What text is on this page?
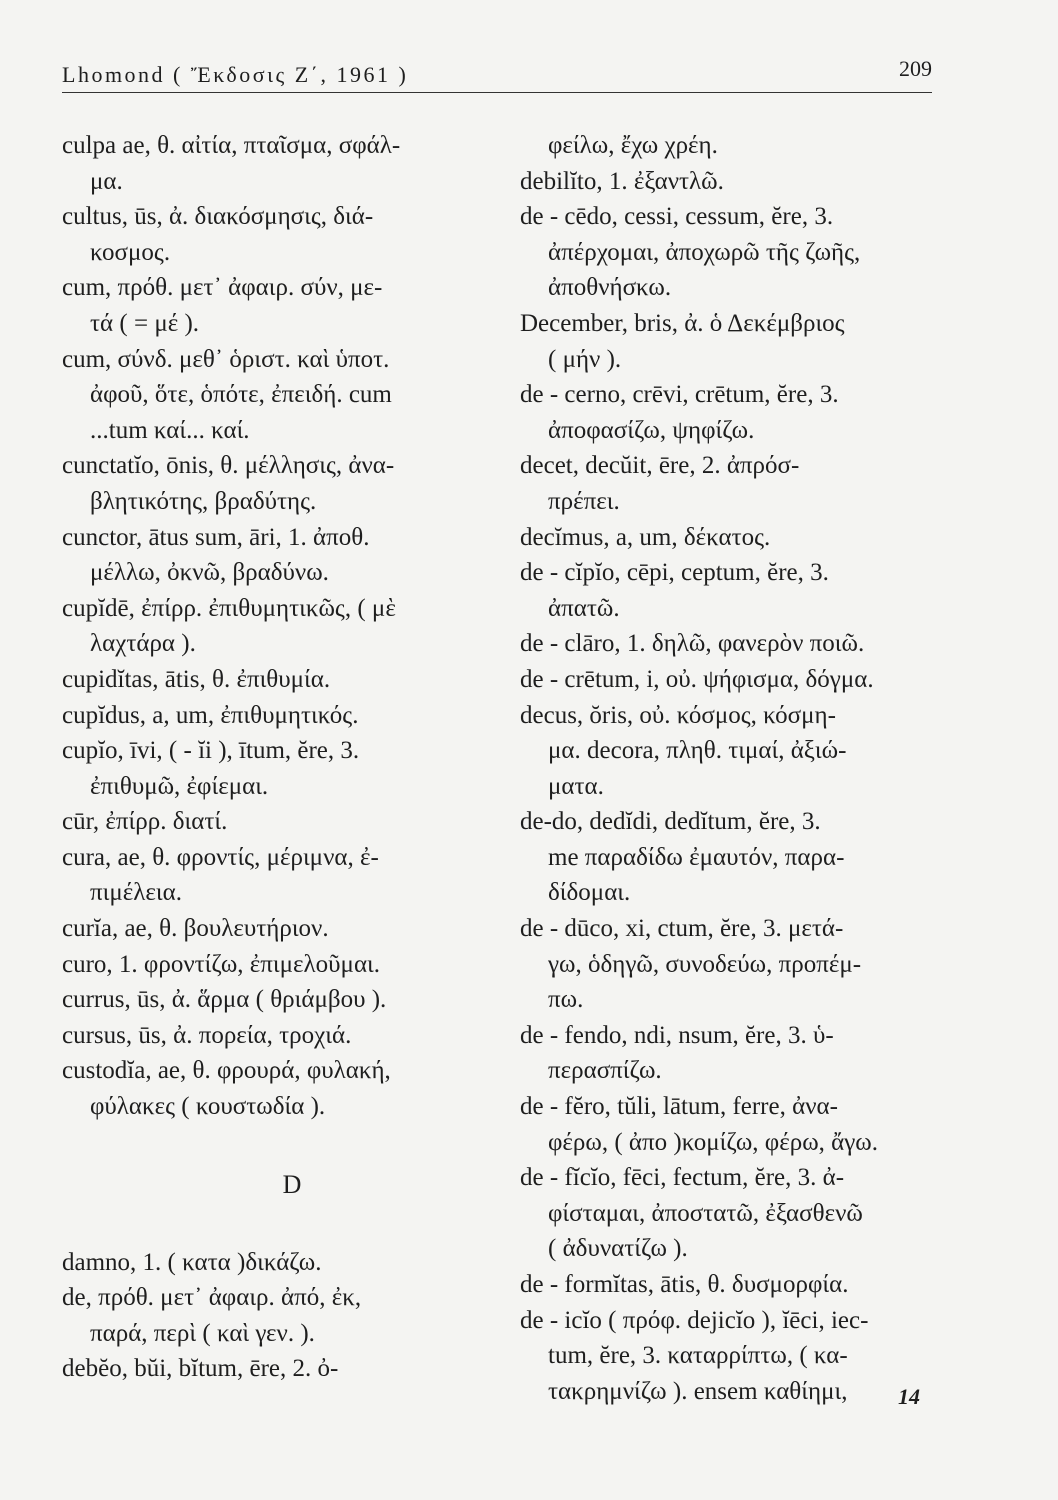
Lhomond ( Ἔκδοσις Ζ΄, 1961 )	209
culpa ae, θ. αἰτία, πταῖσμα, σφάλ-
μα.
cultus, ūs, ἀ. διακόσμησις, διά-
κοσμος.
cum, πρόθ. μετ᾽ ἀφαιρ. σύν, με-
τά ( = μέ ).
cum, σύνδ. μεθ᾽ ὁριστ. καὶ ὑποτ.
ἀφοῦ, ὅτε, ὁπότε, ἐπειδή. cum
...tum καί... καί.
cunctatĭo, ōnis, θ. μέλλησις, ἀνα-
βλητικότης, βραδύτης.
cunctor, ātus sum, āri, 1. ἀποθ.
μέλλω, ὀκνῶ, βραδύνω.
cupĭdē, ἐπίρρ. ἐπιθυμητικῶς, ( μὲ
λαχτάρα ).
cupidĭtas, ātis, θ. ἐπιθυμία.
cupĭdus, a, um, ἐπιθυμητικός.
cupĭo, īvi, ( - ĭi ), ītum, ĕre, 3.
ἐπιθυμῶ, ἐφίεμαι.
cūr, ἐπίρρ. διατί.
cura, ae, θ. φροντίς, μέριμνα, ἐ-
πιμέλεια.
curĭa, ae, θ. βουλευτήριον.
curo, 1. φροντίζω, ἐπιμελοῦμαι.
currus, ūs, ἀ. ἅρμα ( θριάμβου ).
cursus, ūs, ἀ. πορεία, τροχιά.
custodĭa, ae, θ. φρουρά, φυλακή,
φύλακες ( κουστωδία ).
D
damno, 1. ( κατα )δικάζω.
de, πρόθ. μετ᾽ ἀφαιρ. ἀπό, ἐκ,
παρά, περὶ ( καὶ γεν. ).
debĕo, bŭi, bĭtum, ēre, 2. ὀ-
φείλω, ἔχω χρέη.
debilĭto, 1. ἐξαντλῶ.
de - cēdo, cessi, cessum, ĕre, 3.
ἀπέρχομαι, ἀποχωρῶ τῆς ζωῆς,
ἀποθνήσκω.
December, bris, ἀ. ὁ Δεκέμβριος
( μήν ).
de - cerno, crēvi, crētum, ĕre, 3.
ἀποφασίζω, ψηφίζω.
decet, decŭit, ēre, 2. ἀπρόσ-
πρέπει.
decĭmus, a, um, δέκατος.
de - cĭpĭo, cēpi, ceptum, ĕre, 3.
ἀπατῶ.
de - clāro, 1. δηλῶ, φανερὸν ποιῶ.
de - crētum, i, οὐ. ψήφισμα, δόγμα.
decus, ŏris, οὐ. κόσμος, κόσμη-
μα. decora, πληθ. τιμαί, ἀξιώ-
ματα.
de-do, dedĭdi, dedĭtum, ĕre, 3.
me παραδίδω ἐμαυτόν, παρα-
δίδομαι.
de - dūco, xi, ctum, ĕre, 3. μετά-
γω, ὁδηγῶ, συνοδεύω, προπέμ-
πω.
de - fendo, ndi, nsum, ĕre, 3. ὑ-
περασπίζω.
de - fĕro, tŭli, lātum, ferre, ἀνα-
φέρω, ( ἀπο )κομίζω, φέρω, ἄγω.
de - fĭcĭo, fēci, fectum, ĕre, 3. ἀ-
φίσταμαι, ἀποστατῶ, ἐξασθενῶ
( ἀδυνατίζω ).
de - formĭtas, ātis, θ. δυσμορφία.
de - icĭo ( πρόφ. dejicĭo ), ĭēci, iec-
tum, ĕre, 3. καταρρίπτω, ( κα-
τακρημνίζω ). ensem καθίημι,	14
